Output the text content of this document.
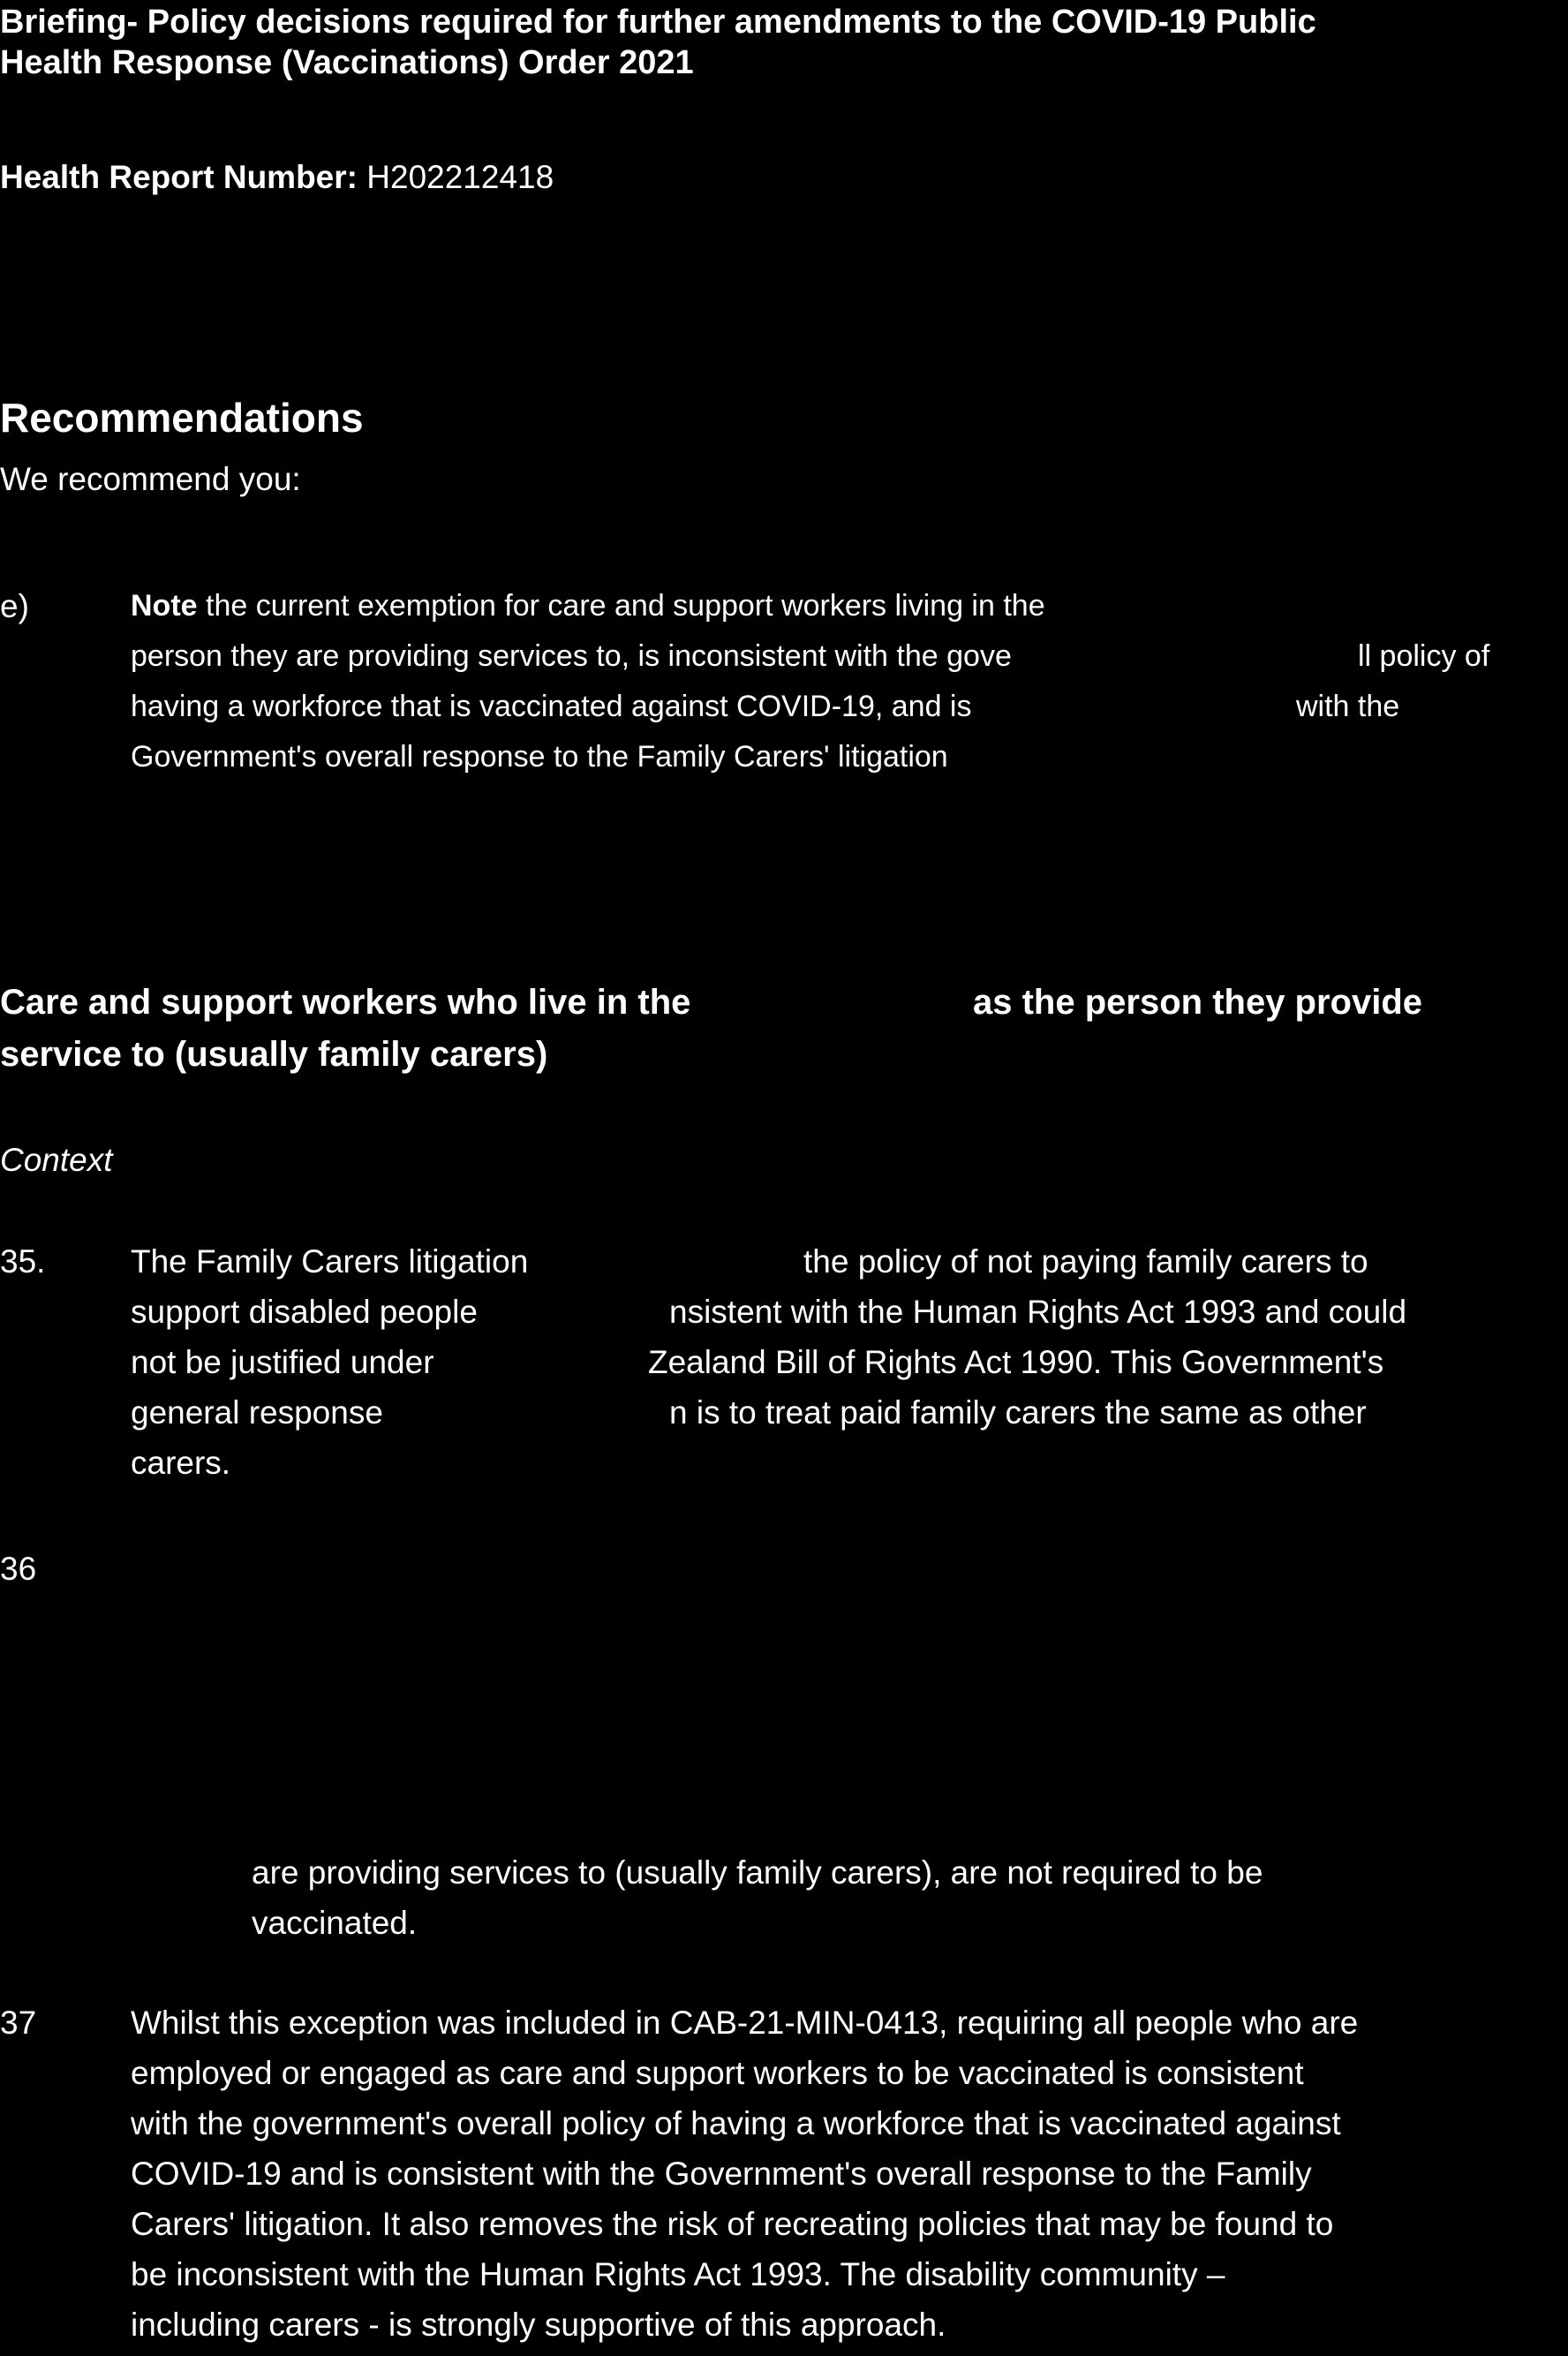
Briefing- Policy decisions required for further amendments to the COVID-19 Public
Health Response (Vaccinations) Order 2021
Health Report Number: H202212418
Recommendations
We recommend you:
e)	Note the current exemption for care and support workers living in the
person they are providing services to, is inconsistent with the gove	ll policy of
having a workforce that is vaccinated against COVID-19, and is	with the
Government's overall response to the Family Carers' litigation
Care and support workers who live in the	as the person they provide
service to (usually family carers)
Context
35.	The Family Carers litigation	the policy of not paying family carers to
support disabled people	nsistent with the Human Rights Act 1993 and could
not be justified under	Zealand Bill of Rights Act 1990. This Government's
general response	n is to treat paid family carers the same as other
carers.
36
are providing services to (usually family carers), are not required to be
vaccinated.
37	Whilst this exception was included in CAB-21-MIN-0413, requiring all people who are
employed or engaged as care and support workers to be vaccinated is consistent
with the government's overall policy of having a workforce that is vaccinated against
COVID-19 and is consistent with the Government's overall response to the Family
Carers' litigation. It also removes the risk of recreating policies that may be found to
be inconsistent with the Human Rights Act 1993. The disability community –
including carers - is strongly supportive of this approach.
